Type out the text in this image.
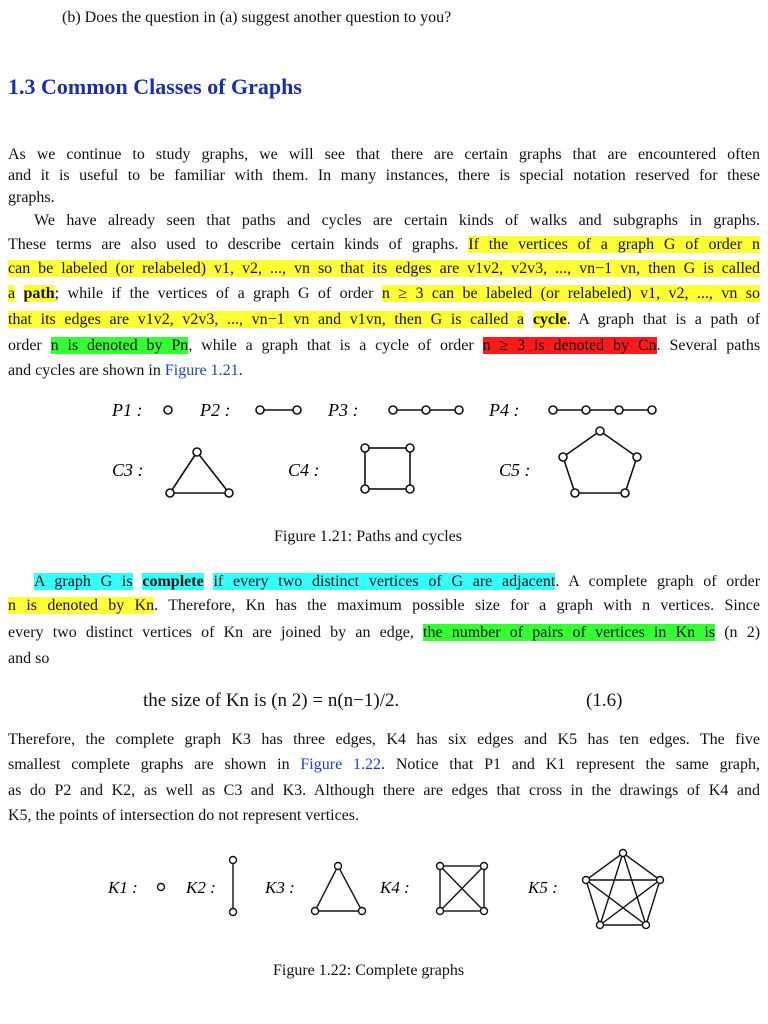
(b) Does the question in (a) suggest another question to you?
1.3 Common Classes of Graphs
As we continue to study graphs, we will see that there are certain graphs that are encountered often
and it is useful to be familiar with them. In many instances, there is special notation reserved for these
graphs.
We have already seen that paths and cycles are certain kinds of walks and subgraphs in graphs.
These terms are also used to describe certain kinds of graphs. If the vertices of a graph G of order n
can be labeled (or relabeled) v1, v2, ..., vn so that its edges are v1v2, v2v3, ..., vn−1 vn, then G is called
a path; while if the vertices of a graph G of order n ≥ 3 can be labeled (or relabeled) v1, v2, ..., vn so
that its edges are v1v2, v2v3, ..., vn−1 vn and v1vn, then G is called a cycle. A graph that is a path of
order n is denoted by Pn, while a graph that is a cycle of order n ≥ 3 is denoted by Cn. Several paths
and cycles are shown in Figure 1.21.
P1 :	P2 :	P3 :	P4 :
C3 :	C4 :	C5 :
Figure 1.21: Paths and cycles
A graph G is complete if every two distinct vertices of G are adjacent. A complete graph of order
n is denoted by Kn. Therefore, Kn has the maximum possible size for a graph with n vertices. Since
every two distinct vertices of Kn are joined by an edge, the number of pairs of vertices in Kn is (n 2)
and so
the size of Kn is (n 2) = n(n−1)/2.	(1.6)
Therefore, the complete graph K3 has three edges, K4 has six edges and K5 has ten edges. The five
smallest complete graphs are shown in Figure 1.22. Notice that P1 and K1 represent the same graph,
as do P2 and K2, as well as C3 and K3. Although there are edges that cross in the drawings of K4 and
K5, the points of intersection do not represent vertices.
K1 :	K2 :	K3 :	K4 :	K5 :
Figure 1.22: Complete graphs
